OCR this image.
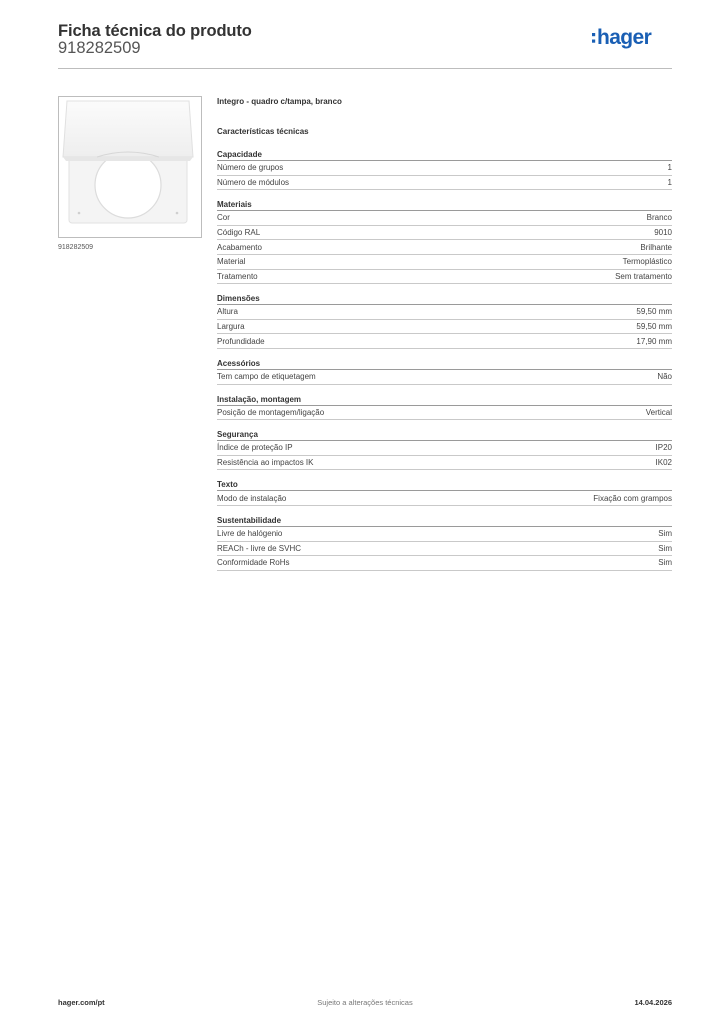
Ficha técnica do produto
918282509	hager
918282509
Integro - quadro c/tampa, branco
Características técnicas
Capacidade
Número de grupos	1
Número de módulos	1
Materiais
Cor	Branco
Código RAL	9010
Acabamento	Brilhante
Material	Termoplástico
Tratamento	Sem tratamento
Dimensões
Altura	59,50 mm
Largura	59,50 mm
Profundidade	17,90 mm
Acessórios
Tem campo de etiquetagem	Não
Instalação, montagem
Posição de montagem/ligação	Vertical
Segurança
Índice de proteção IP	IP20
Resistência ao impactos IK	IK02
Texto
Modo de instalação	Fixação com grampos
Sustentabilidade
Livre de halógenio	Sim
REACh - livre de SVHC	Sim
Conformidade RoHs	Sim
hager.com/pt	Sujeito a alterações técnicas	14.04.2026
